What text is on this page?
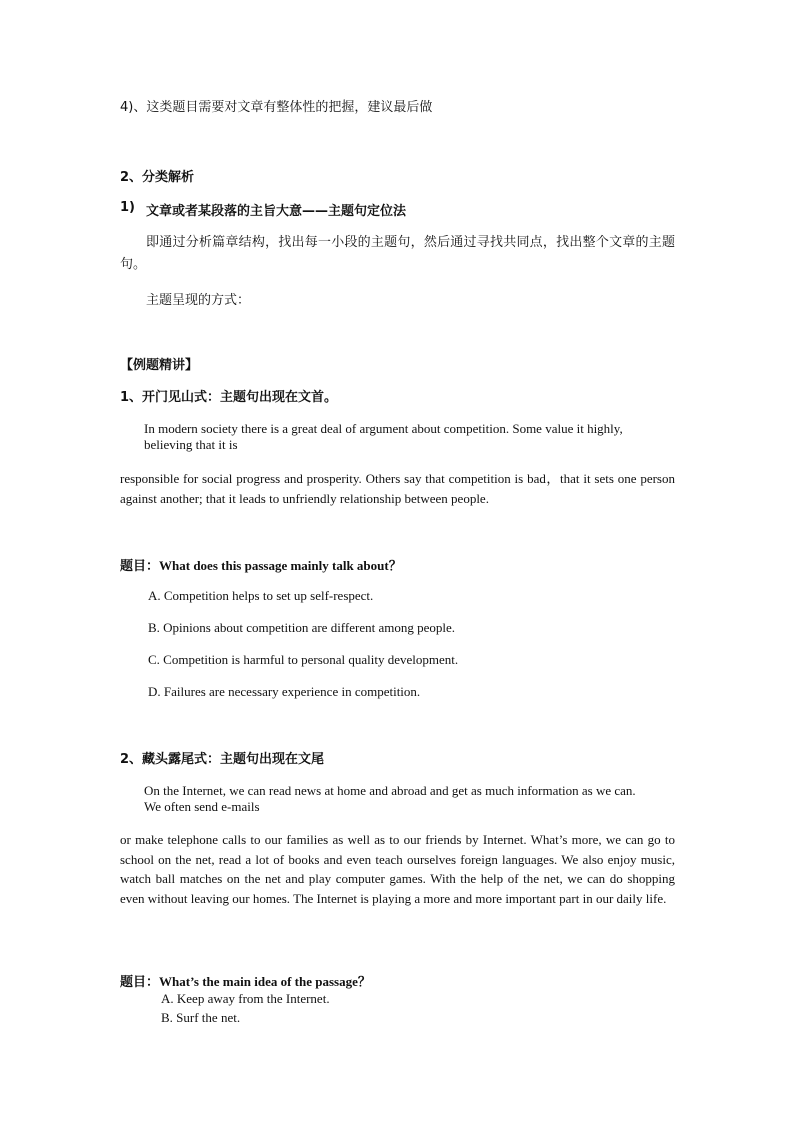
4)、这类题目需要对文章有整体性的把握，建议最后做
2、分类解析
1) 文章或者某段落的主旨大意——主题句定位法
即通过分析篇章结构，找出每一小段的主题句，然后通过寻找共同点，找出整个文章的主题句。
主题呈现的方式：
【例题精讲】
1、开门见山式：主题句出现在文首。
In modern society there is a great deal of argument about competition. Some value it highly,
believing that it is
responsible for social progress and prosperity. Others say that competition is bad，that it sets one person against another; that it leads to unfriendly relationship between people.
题目：What does this passage mainly talk about？
A. Competition helps to set up self-respect.
B. Opinions about competition are different among people.
C. Competition is harmful to personal quality development.
D. Failures are necessary experience in competition.
2、藏头露尾式：主题句出现在文尾
On the Internet, we can read news at home and abroad and get as much information as we can.
We often send e-mails
or make telephone calls to our families as well as to our friends by Internet. What’s more, we can go to school on the net, read a lot of books and even teach ourselves foreign languages. We also enjoy music, watch ball matches on the net and play computer games. With the help of the net, we can do shopping even without leaving our homes. The Internet is playing a more and more important part in our daily life.
题目：What’s the main idea of the passage？
A. Keep away from the Internet.
B. Surf the net.
